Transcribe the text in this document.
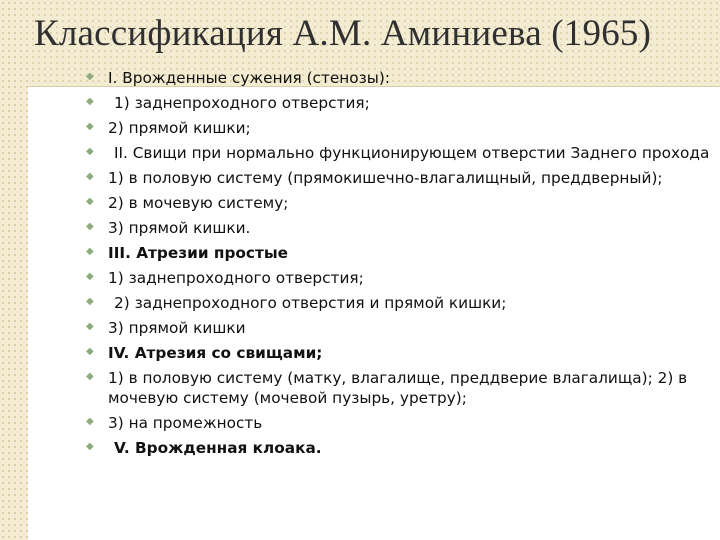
Классификация А.М. Аминиева (1965)
◆ I. Врожденные сужения (стенозы):
◆ 1) заднепроходного отверстия;
◆ 2) прямой кишки;
◆ II. Свищи при нормально функционирующем отверстии Заднего прохода
◆ 1) в половую систему (прямокишечно-влагалищный, преддверный);
◆ 2) в мочевую систему;
◆ 3) прямой кишки.
◆ III. Атрезии простые
◆ 1) заднепроходного отверстия;
◆ 2) заднепроходного отверстия и прямой кишки;
◆ 3) прямой кишки
◆ IV. Атрезия со свищами;
◆ 1) в половую систему (матку, влагалище, преддверие влагалища); 2) в мочевую систему (мочевой пузырь, уретру);
◆ 3) на промежность
◆ V. Врожденная клоака.
